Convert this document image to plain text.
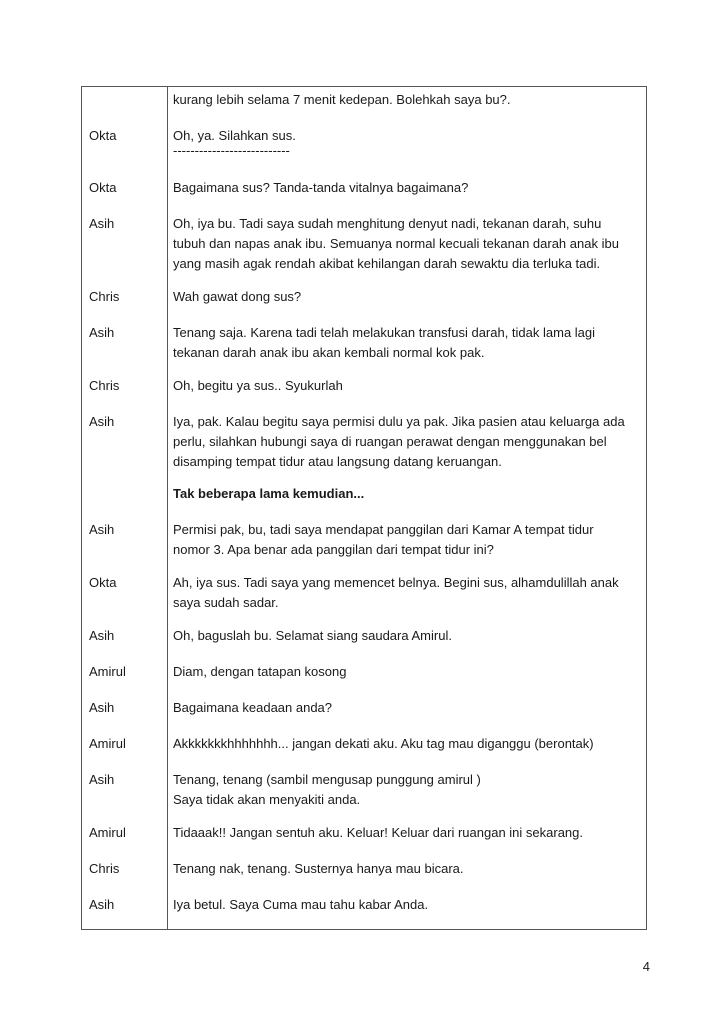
kurang lebih selama 7 menit kedepan. Bolehkah saya bu?.
Okta	Oh, ya. Silahkan sus.
---------------------------
Okta	Bagaimana sus? Tanda-tanda vitalnya bagaimana?
Asih	Oh, iya bu. Tadi saya sudah menghitung denyut nadi, tekanan darah, suhu
tubuh dan napas anak ibu. Semuanya normal kecuali tekanan darah anak ibu
yang masih agak rendah akibat kehilangan darah sewaktu dia terluka tadi.
Chris	Wah gawat dong sus?
Asih	Tenang saja. Karena tadi telah melakukan transfusi darah, tidak lama lagi
tekanan darah anak ibu akan kembali normal kok pak.
Chris	Oh, begitu ya sus.. Syukurlah
Asih	Iya, pak. Kalau begitu saya permisi dulu ya pak. Jika pasien atau keluarga ada
perlu, silahkan hubungi saya di ruangan perawat dengan menggunakan bel
disamping tempat tidur atau langsung datang keruangan.
Tak beberapa lama kemudian...
Asih	Permisi pak, bu, tadi saya mendapat panggilan dari Kamar A tempat tidur
nomor 3. Apa benar ada panggilan dari tempat tidur ini?
Okta	Ah, iya sus. Tadi saya yang memencet belnya. Begini sus, alhamdulillah anak
saya sudah sadar.
Asih	Oh, baguslah bu. Selamat siang saudara Amirul.
Amirul	Diam, dengan tatapan kosong
Asih	Bagaimana keadaan anda?
Amirul	Akkkkkkkhhhhhhh... jangan dekati aku. Aku tag mau diganggu (berontak)
Asih	Tenang, tenang (sambil mengusap punggung amirul )
Saya tidak akan menyakiti anda.
Amirul	Tidaaak!! Jangan sentuh aku. Keluar! Keluar dari ruangan ini sekarang.
Chris	Tenang nak, tenang. Susternya hanya mau bicara.
Asih	Iya betul. Saya Cuma mau tahu kabar Anda.
4
